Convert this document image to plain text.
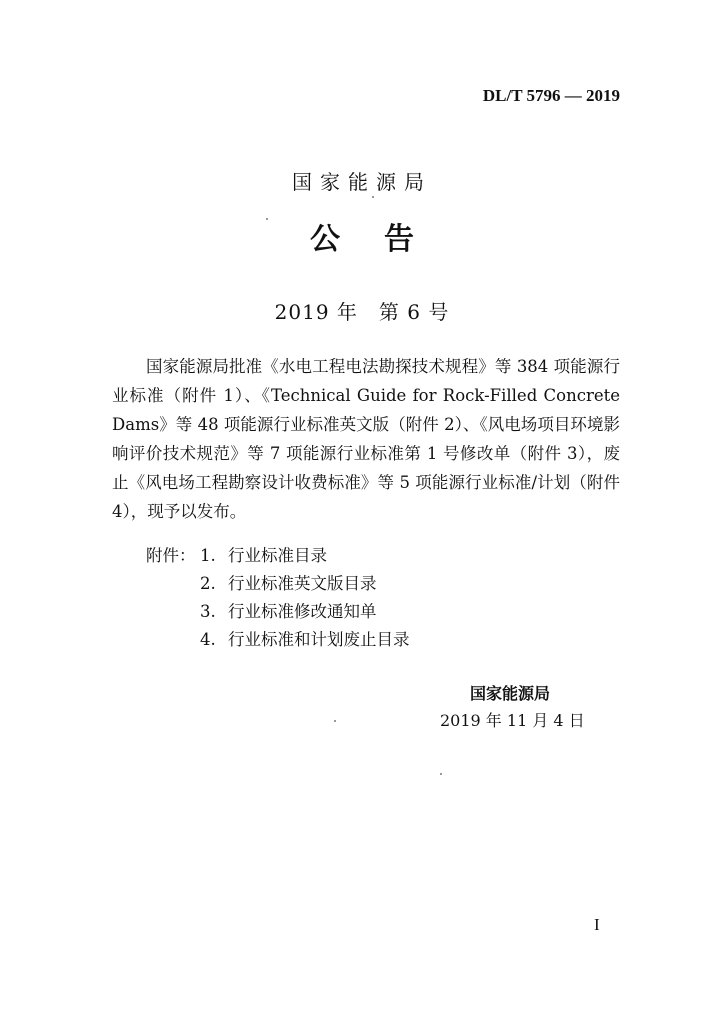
DL/T 5796 — 2019
国家能源局
公告
2019 年　第 6 号
国家能源局批准《水电工程电法勘探技术规程》等 384 项能源行业标准（附件 1）、《Technical Guide for Rock-Filled Concrete Dams》等 48 项能源行业标准英文版（附件 2）、《风电场项目环境影响评价技术规范》等 7 项能源行业标准第 1 号修改单（附件 3），废止《风电场工程勘察设计收费标准》等 5 项能源行业标准/计划（附件 4），现予以发布。
附件： 1. 行业标准目录
2. 行业标准英文版目录
3. 行业标准修改通知单
4. 行业标准和计划废止目录
国家能源局
2019 年 11 月 4 日
I
